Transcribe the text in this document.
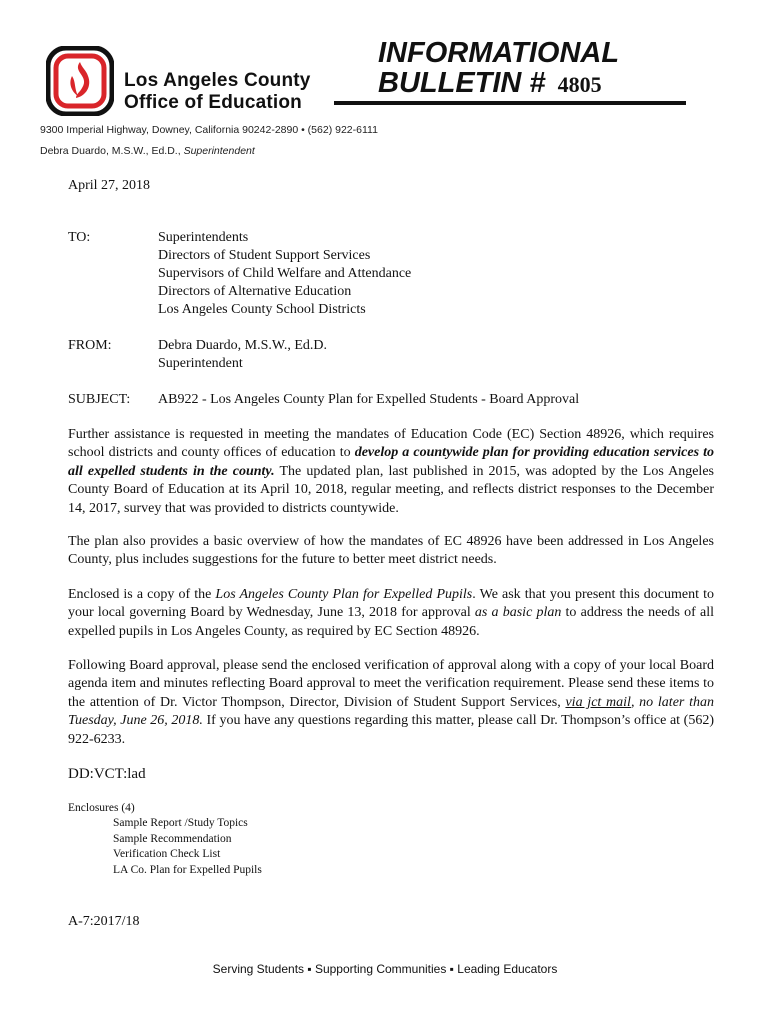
Los Angeles County
Office of Education
INFORMATIONAL
BULLETIN # 4805
9300 Imperial Highway, Downey, California 90242-2890 • (562) 922-6111
Debra Duardo, M.S.W., Ed.D., Superintendent
April 27, 2018
TO:	Superintendents
Directors of Student Support Services
Supervisors of Child Welfare and Attendance
Directors of Alternative Education
Los Angeles County School Districts
FROM:	Debra Duardo, M.S.W., Ed.D.
Superintendent
SUBJECT: AB922 - Los Angeles County Plan for Expelled Students - Board Approval
Further assistance is requested in meeting the mandates of Education Code (EC) Section 48926, which requires school districts and county offices of education to develop a countywide plan for providing education services to all expelled students in the county. The updated plan, last published in 2015, was adopted by the Los Angeles County Board of Education at its April 10, 2018, regular meeting, and reflects district responses to the December 14, 2017, survey that was provided to districts countywide.
The plan also provides a basic overview of how the mandates of EC 48926 have been addressed in Los Angeles County, plus includes suggestions for the future to better meet district needs.
Enclosed is a copy of the Los Angeles County Plan for Expelled Pupils. We ask that you present this document to your local governing Board by Wednesday, June 13, 2018 for approval as a basic plan to address the needs of all expelled pupils in Los Angeles County, as required by EC Section 48926.
Following Board approval, please send the enclosed verification of approval along with a copy of your local Board agenda item and minutes reflecting Board approval to meet the verification requirement. Please send these items to the attention of Dr. Victor Thompson, Director, Division of Student Support Services, via jct mail, no later than Tuesday, June 26, 2018. If you have any questions regarding this matter, please call Dr. Thompson’s office at (562) 922-6233.
DD:VCT:lad
Enclosures (4)
Sample Report /Study Topics
Sample Recommendation
Verification Check List
LA Co. Plan for Expelled Pupils
A-7:2017/18
Serving Students ▪ Supporting Communities ▪ Leading Educators
